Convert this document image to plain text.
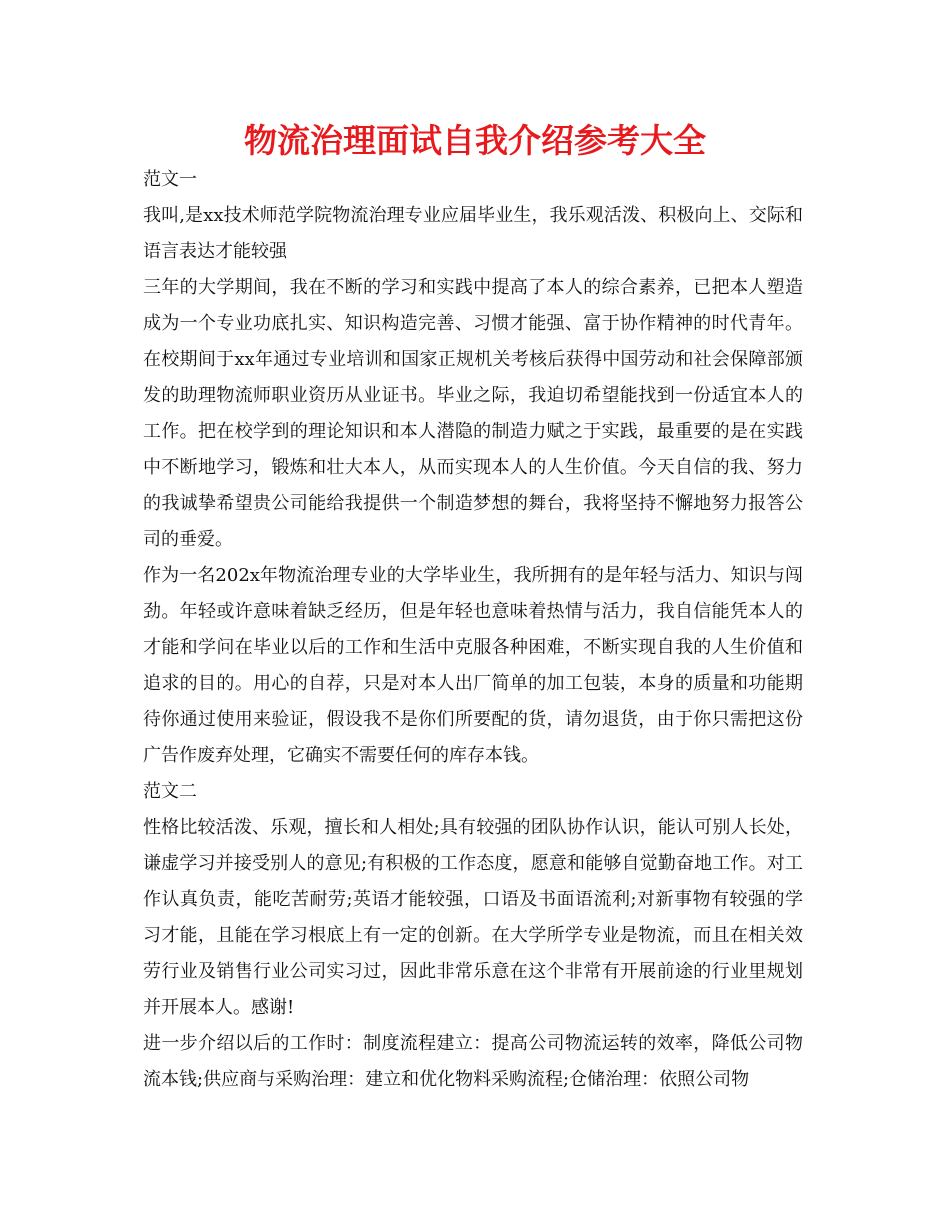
物流治理面试自我介绍参考大全

范文一

我叫,是xx技术师范学院物流治理专业应届毕业生，我乐观活泼、积极向上、交际和语言表达才能较强

三年的大学期间，我在不断的学习和实践中提高了本人的综合素养，已把本人塑造成为一个专业功底扎实、知识构造完善、习惯才能强、富于协作精神的时代青年。在校期间于xx年通过专业培训和国家正规机关考核后获得中国劳动和社会保障部颁发的助理物流师职业资历从业证书。毕业之际，我迫切希望能找到一份适宜本人的工作。把在校学到的理论知识和本人潜隐的制造力赋之于实践，最重要的是在实践中不断地学习，锻炼和壮大本人，从而实现本人的人生价值。今天自信的我、努力的我诚挚希望贵公司能给我提供一个制造梦想的舞台，我将坚持不懈地努力报答公司的垂爱。

作为一名202x年物流治理专业的大学毕业生，我所拥有的是年轻与活力、知识与闯劲。年轻或许意味着缺乏经历，但是年轻也意味着热情与活力，我自信能凭本人的才能和学问在毕业以后的工作和生活中克服各种困难，不断实现自我的人生价值和追求的目的。用心的自荐，只是对本人出厂简单的加工包装，本身的质量和功能期待你通过使用来验证，假设我不是你们所要配的货，请勿退货，由于你只需把这份广告作废弃处理，它确实不需要任何的库存本钱。

范文二

性格比较活泼、乐观，擅长和人相处;具有较强的团队协作认识，能认可别人长处，谦虚学习并接受别人的意见;有积极的工作态度，愿意和能够自觉勤奋地工作。对工作认真负责，能吃苦耐劳;英语才能较强，口语及书面语流利;对新事物有较强的学习才能，且能在学习根底上有一定的创新。在大学所学专业是物流，而且在相关效劳行业及销售行业公司实习过，因此非常乐意在这个非常有开展前途的行业里规划并开展本人。感谢!

进一步介绍以后的工作时：制度流程建立：提高公司物流运转的效率，降低公司物流本钱;供应商与采购治理：建立和优化物料采购流程;仓储治理：依照公司物
